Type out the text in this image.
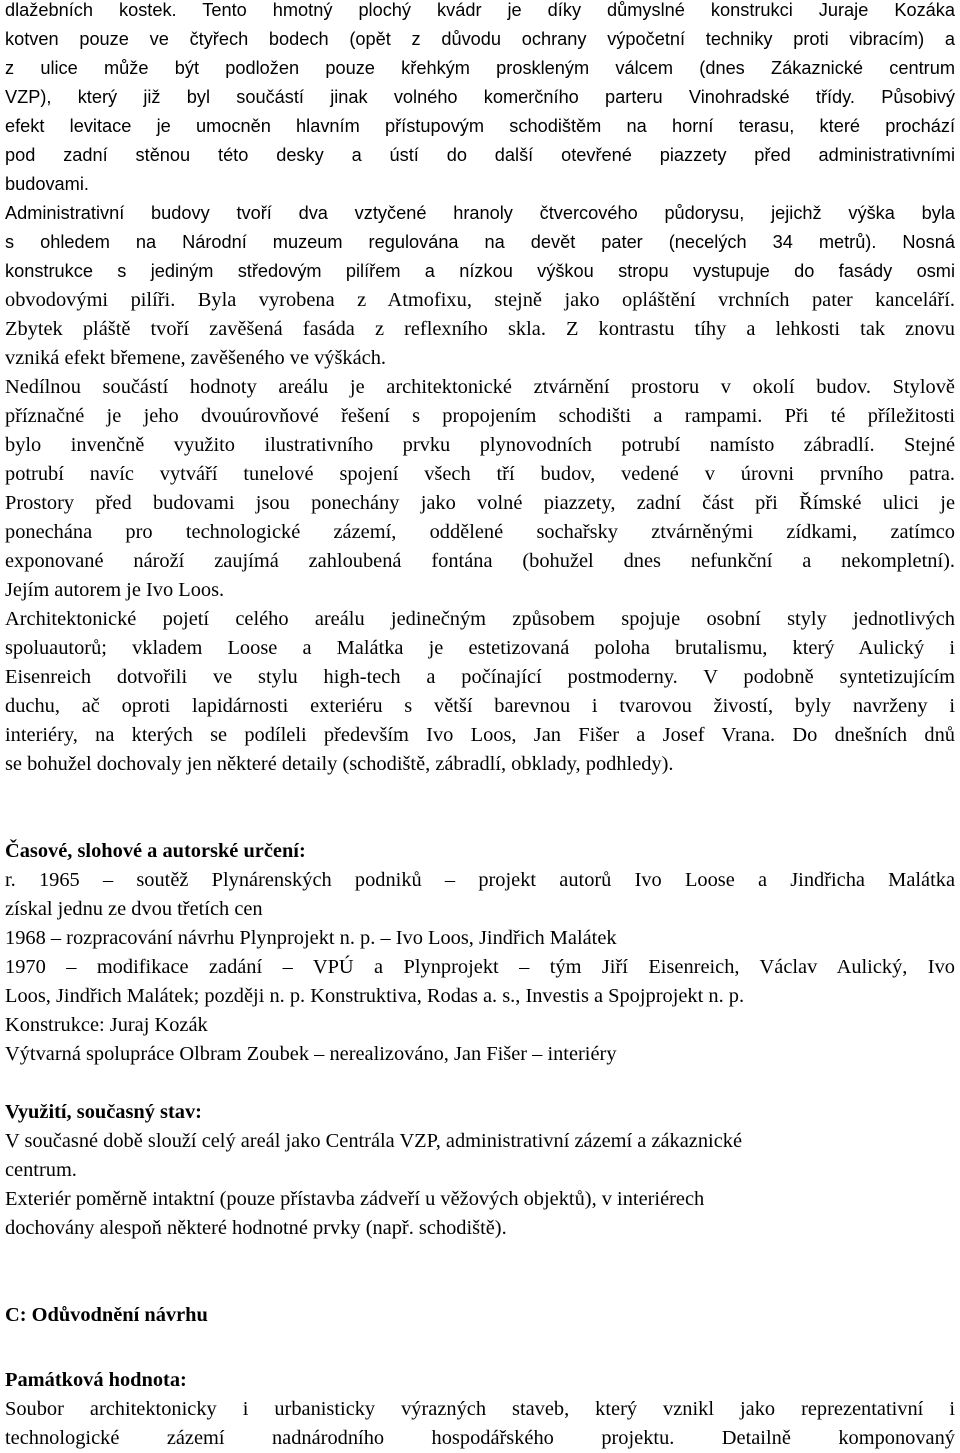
dlažebních kostek. Tento hmotný plochý kvádr je díky důmyslné konstrukci Juraje Kozáka
kotven pouze ve čtyřech bodech (opět z důvodu ochrany výpočetní techniky proti vibracím) a
z ulice může být podložen pouze křehkým proskleným válcem (dnes Zákaznické centrum
VZP), který již byl součástí jinak volného komerčního parteru Vinohradské třídy. Působivý
efekt levitace je umocněn hlavním přístupovým schodištěm na horní terasu, které prochází
pod zadní stěnou této desky a ústí do další otevřené piazzety před administrativními
budovami.
Administrativní budovy tvoří dva vztyčené hranoly čtvercového půdorysu, jejichž výška byla
s ohledem na Národní muzeum regulována na devět pater (necelých 34 metrů). Nosná
konstrukce s jediným středovým pilířem a nízkou výškou stropu vystupuje do fasády osmi
obvodovými pilíři. Byla vyrobena z Atmofixu, stejně jako opláštění vrchních pater kanceláří.
Zbytek pláště tvoří zavěšená fasáda z reflexního skla. Z kontrastu tíhy a lehkosti tak znovu
vzniká efekt břemene, zavěšeného ve výškách.
Nedílnou součástí hodnoty areálu je architektonické ztvárnění prostoru v okolí budov. Stylově
příznačné je jeho dvouúrovňové řešení s propojením schodišti a rampami. Při té příležitosti
bylo invenčně využito ilustrativního prvku plynovodních potrubí namísto zábradlí. Stejné
potrubí navíc vytváří tunelové spojení všech tří budov, vedené v úrovni prvního patra.
Prostory před budovami jsou ponechány jako volné piazzety, zadní část při Římské ulici je
ponechána pro technologické zázemí, oddělené sochařsky ztvárněnými zídkami, zatímco
exponované nároží zaujímá zahloubená fontána (bohužel dnes nefunkční a nekompletní).
Jejím autorem je Ivo Loos.
Architektonické pojetí celého areálu jedinečným způsobem spojuje osobní styly jednotlivých
spoluautorů; vkladem Loose a Malátka je estetizovaná poloha brutalismu, který Aulický i
Eisenreich dotvořili ve stylu high-tech a počínající postmoderny. V podobně syntetizujícím
duchu, ač oproti lapidárnosti exteriéru s větší barevnou i tvarovou živostí, byly navrženy i
interiéry, na kterých se podíleli především Ivo Loos, Jan Fišer a Josef Vrana. Do dnešních dnů
se bohužel dochovaly jen některé detaily (schodiště, zábradlí, obklady, podhledy).
Časové, slohové a autorské určení:
r. 1965 – soutěž Plynárenských podniků – projekt autorů Ivo Loose a Jindřicha Malátka
získal jednu ze dvou třetích cen
1968 – rozpracování návrhu Plynprojekt n. p. – Ivo Loos, Jindřich Malátek
1970 – modifikace zadání – VPÚ a Plynprojekt – tým Jiří Eisenreich, Václav Aulický, Ivo
Loos, Jindřich Malátek; později n. p. Konstruktiva, Rodas a. s., Investis a Spojprojekt n. p.
Konstrukce: Juraj Kozák
Výtvarná spolupráce Olbram Zoubek – nerealizováno, Jan Fišer – interiéry
Využití, současný stav:
V současné době slouží celý areál jako Centrála VZP, administrativní zázemí a zákaznické
centrum.
Exteriér poměrně intaktní (pouze přístavba zádveří u věžových objektů), v interiérech
dochovány alespoň některé hodnotné prvky (např. schodiště).
C: Odůvodnění návrhu
Památková hodnota:
Soubor architektonicky i urbanisticky výrazných staveb, který vznikl jako reprezentativní i
technologické zázemí nadnárodního hospodářského projektu. Detailně komponovaný
